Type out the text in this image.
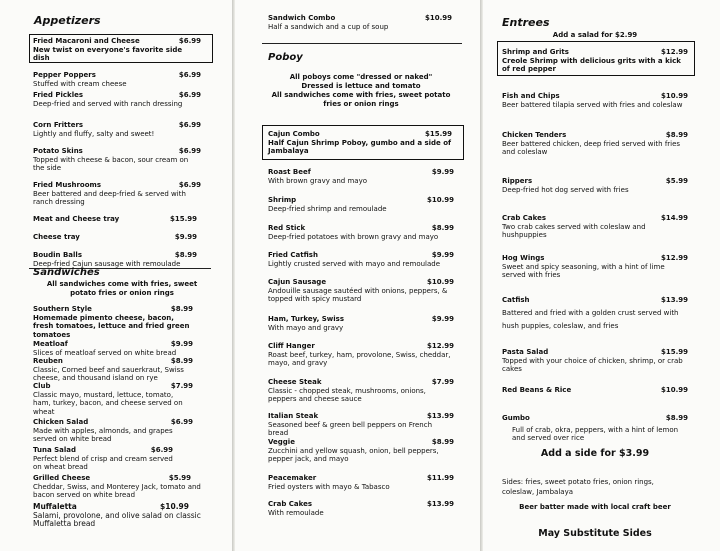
Appetizers
Fried Macaroni and Cheese	$6.99
New twist on everyone's favorite side dish
Pepper Poppers	$6.99
Stuffed with cream cheese
Fried Pickles	$6.99
Deep-fried and served with ranch dressing
Corn Fritters	$6.99
Lightly and fluffy, salty and sweet!
Potato Skins	$6.99
Topped with cheese & bacon, sour cream on the side
Fried Mushrooms	$6.99
Beer battered and deep-fried & served with ranch dressing
Meat and Cheese tray	$15.99
Cheese tray	$9.99
Boudin Balls	$8.99
Deep-fried Cajun sausage with remoulade
Sandwiches
All sandwiches come with fries, sweet potato fries or onion rings
Southern Style	$8.99
Homemade pimento cheese, bacon, fresh tomatoes, lettuce and fried green tomatoes
Meatloaf	$9.99
Slices of meatloaf served on white bread
Reuben	$8.99
Classic, Corned beef and sauerkraut, Swiss cheese, and thousand island on rye
Club	$7.99
Classic mayo, mustard, lettuce, tomato, ham, turkey, bacon, and cheese served on wheat
Chicken Salad	$6.99
Made with apples, almonds, and grapes served on white bread
Tuna Salad	$6.99
Perfect blend of crisp and cream served on wheat bread
Grilled Cheese	$5.99
Cheddar, Swiss, and Monterey Jack, tomato and bacon served on white bread
Muffaletta	$10.99
Salami, provolone, and olive salad on classic Muffaletta bread
Sandwich Combo	$10.99
Half a sandwich and a cup of soup
Poboy
All poboys come "dressed or naked"
Dressed is lettuce and tomato
All sandwiches come with fries, sweet potato fries or onion rings
Cajun Combo	$15.99
Half Cajun Shrimp Poboy, gumbo and a side of Jambalaya
Roast Beef	$9.99
With brown gravy and mayo
Shrimp	$10.99
Deep-fried shrimp and remoulade
Red Stick	$8.99
Deep-fried potatoes with brown gravy and mayo
Fried Catfish	$9.99
Lightly crusted served with mayo and remoulade
Cajun Sausage	$10.99
Andouille sausage sautéed with onions, peppers, & topped with spicy mustard
Ham, Turkey, Swiss	$9.99
With mayo and gravy
Cliff Hanger	$12.99
Roast beef, turkey, ham, provolone, Swiss, cheddar, mayo, and gravy
Cheese Steak	$7.99
Classic - chopped steak, mushrooms, onions, peppers and cheese sauce
Italian Steak	$13.99
Seasoned beef & green bell peppers on French bread
Veggie	$8.99
Zucchini and yellow squash, onion, bell peppers, pepper jack, and mayo
Peacemaker	$11.99
Fried oysters with mayo & Tabasco
Crab Cakes	$13.99
With remoulade
Entrees
Add a salad for $2.99
Shrimp and Grits	$12.99
Creole Shrimp with delicious grits with a kick of red pepper
Fish and Chips	$10.99
Beer battered tilapia served with fries and coleslaw
Chicken Tenders	$8.99
Beer battered chicken, deep fried served with fries and coleslaw
Rippers	$5.99
Deep-fried hot dog served with fries
Crab Cakes	$14.99
Two crab cakes served with coleslaw and hushpuppies
Hog Wings	$12.99
Sweet and spicy seasoning, with a hint of lime served with fries
Catfish	$13.99
Battered and fried with a golden crust served with hush puppies, coleslaw, and fries
Pasta Salad	$15.99
Topped with your choice of chicken, shrimp, or crab cakes
Red Beans & Rice	$10.99
Gumbo	$8.99
Full of crab, okra, peppers, with a hint of lemon and served over rice
Add a side for $3.99
Sides: fries, sweet potato fries, onion rings, coleslaw, Jambalaya
Beer batter made with local craft beer
May Substitute Sides
